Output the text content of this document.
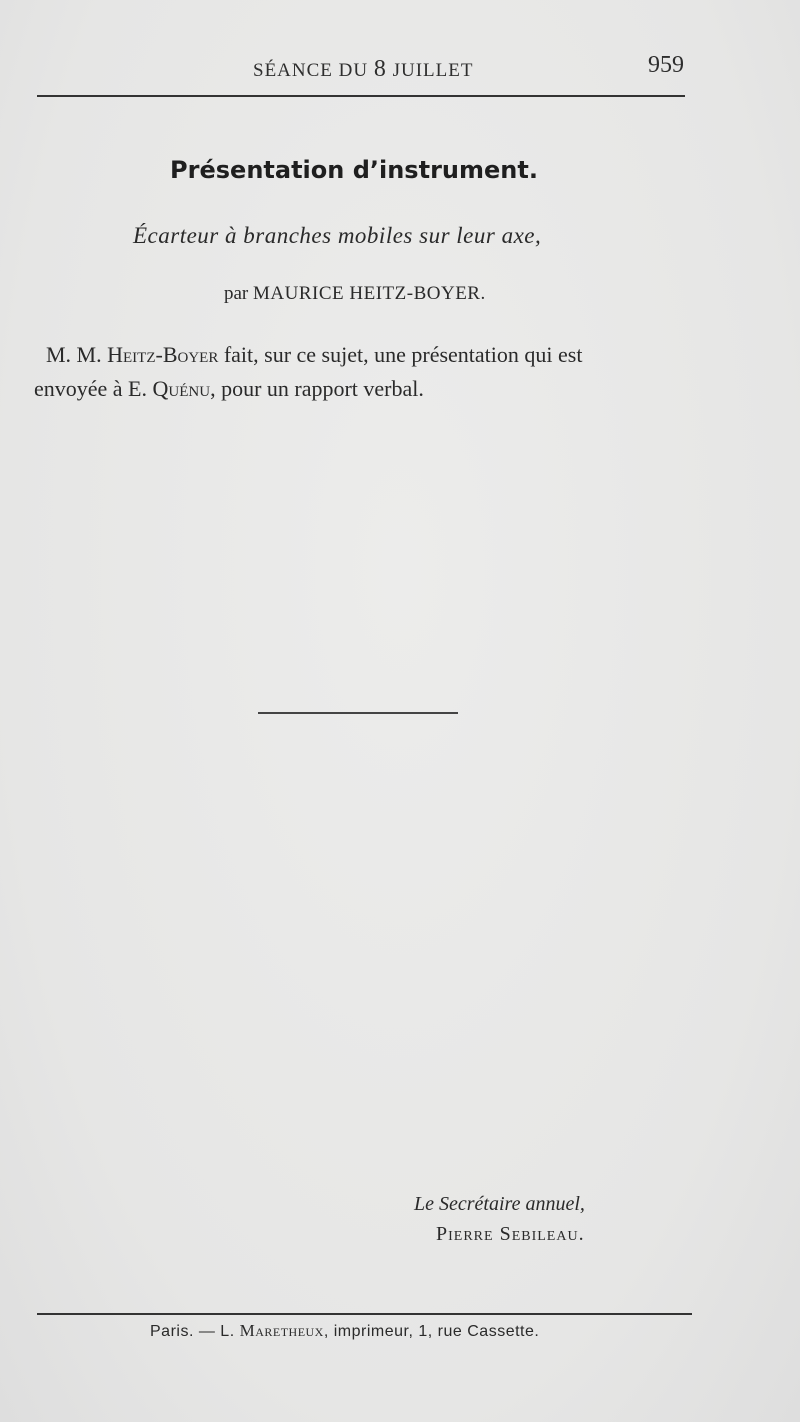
SÉANCE DU 8 JUILLET	959
Présentation d’instrument.
Écarteur à branches mobiles sur leur axe,
par MAURICE HEITZ-BOYER.
M. M. Heitz-Boyer fait, sur ce sujet, une présentation qui est
envoyée à E. Quénu, pour un rapport verbal.
Le Secrétaire annuel,
Pierre Sebileau.
Paris. — L. Maretheux, imprimeur, 1, rue Cassette.
